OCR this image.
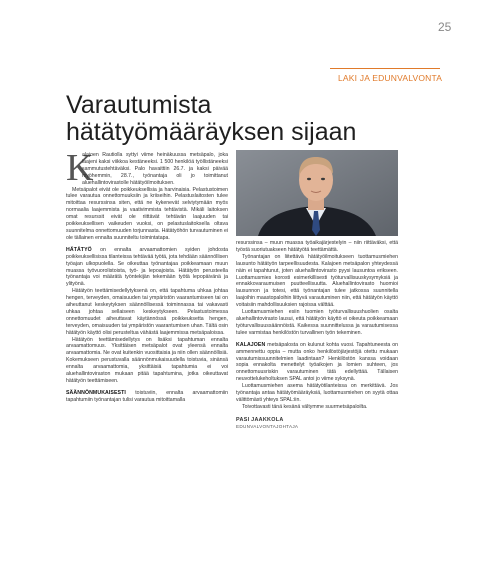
25
LAKI JA EDUNVALVONTA
Varautumista
hätätyömääräyksen sijaan

K
alajoen Rautiolla syttyi viime heinäkuussa metsäpalo, joka laajeni kaksi viikkoa kestäneeksi. 1 500 henkilöä työllistäneeksi sammutustehtäväksi. Palo havaittiin 26.7. ja kaksi päivää myöhemmin, 28.7., työnantaja oli jo toimittanut aluehallintovirastolle hätätyöilmoituksen.

Metsäpalot eivät ole poikkeuksellisia ja harvinaisia. Pelastustoimen tulee varautua onnettomuuksiin ja kriiseihin. Pelastuslaitosten tulee mitoittaa resurssinsa siten, että ne kykenevät selviytymään myös normaalia laajemmista ja vaativimmista tehtävistä. Mikäli laitoksen omat resurssit eivät ole riittävät tehtävän laajuuden tai poikkeuksellisen vaikeuden vuoksi, on pelastuslaitoksella oltava suunnitelma onnettomuuden torjunnasta. Hätätyöhön turvautuminen ei ole tällainen ennalta suunniteltu toimintatapa.

HÄTÄTYÖ on ennalta arvaamattomien syiden johdosta poikkeuksellisissa tilanteissa tehtävää työtä, jota tehdään säännöllisen työajan ulkopuolella. Se oikeuttaa työnantajaa poikkeamaan muun muassa työvuorolistoista, työ- ja lepoajoista. Hätätyön perusteella työnantaja voi määrätä työntekijän tekemään työtä lepopäivänä ja ylityönä.

Hätätyön teettämisedellytyksenä on, että tapahtuma uhkaa johtaa hengen, terveyden, omaisuuden tai ympäristön vaarantumiseen tai on aiheuttanut keskeytyksen säännöllisessä toiminnassa tai vakavasti uhkaa johtaa sellaiseen keskeytykseen. Pelastustoimessa onnettomuudet aiheuttavat käytännössä poikkeuksetta hengen, terveyden, omaisuuden tai ympäristön vaarantumisen uhan. Tältä osin hätätyön käyttö olisi perusteltua vähästä laajemmissa metsäpaloissa.

Hätätyön teettämisedellytys on lisäksi tapahtuman ennalta arvaamattomuus. Yksittäisen metsäpalot ovat yleensä ennalta arvaamattomia. Ne ovat kuitenkin vuosittaisia ja niin ollen säännöllisiä. Kokemukseen perustuvalla säännönmukaisuudella toistuvia, sinänsä ennalta arvaamattomia, yksittäisiä tapahtumia ei voi aluehallintoviraston mukaan pitää tapahtumina, jotka oikeuttavat hätätyön teettämiseen.

SÄÄNNÖNMUKAISESTI toistuviin, ennalta arvaamattomiin tapahtumiin työnantajan tulisi varautua mitoittamalla

resurssinsa – muun muassa työaikajärjestelyin – niin riittäväksi, että työstä suoriutuakseen hätätyötä teettämättä.

Työnantajan on liitettävä hätätyöilmoitukseen tuottamusmiehen lausunto hätätyön tarpeellisuudesta. Kalajoen metsäpalon yhteydessä näin ei tapahtunut, joten aluehallintovirasto pyysi lausuntoa erikseen. Luottamusmies korosti esimerkillisesti työturvallisuuskysymyksiä ja ennakkovaraumuisen puutteellisuutta. Aluehallintovirasto huomioi lausunnon ja totesi, että työnantajan tulee jatkossa suunnitella laajoihin maastopaloihin liittyvä varautuminen niin, että hätätyön käyttö voitaisiin mahdollisuuksien rajoissa välttää.

Luottamusmiehen esiin tuomien työturvallisuushuolien osalta aluehallintovirasto lausui, että hätätyön käyttö ei oikeuta poikkeamaan työturvallisuussäännöistä. Kaikessa suunnittelussa ja varautumisessa tulee varmistaa henkilöstön turvallinen työn tekeminen.

KALAJOEN metsäpalosta on kulunut kohta vuosi. Tapahtuneesta on ammennettu oppia – mutta onko henkilöstöjärjestöjä otettu mukaan varautumissuunnitelmien laadintaan? Henkilöstön kanssa voidaan sopia ennakolta menettelyt työaikojen ja lomien suhteen, jos onnettomuusriskin varautuminen tätä edellyttää. Tällaisen neuvottelukeholtuksen SPAL antoi jo viime syksynä.

Luottamusmiehen asema hätätyötilanteissa on merkittävä. Jos työnantaja antaa hätätyömääräyksiä, luottamusmiehen on syytä ottaa välittömästi yhteys SPAL:iin.

Toivottavasti tänä kesänä vältymme suurmetsäpaloilta.

PASI JAAKKOLA
EDUNVALVONTAJOHTAJA
